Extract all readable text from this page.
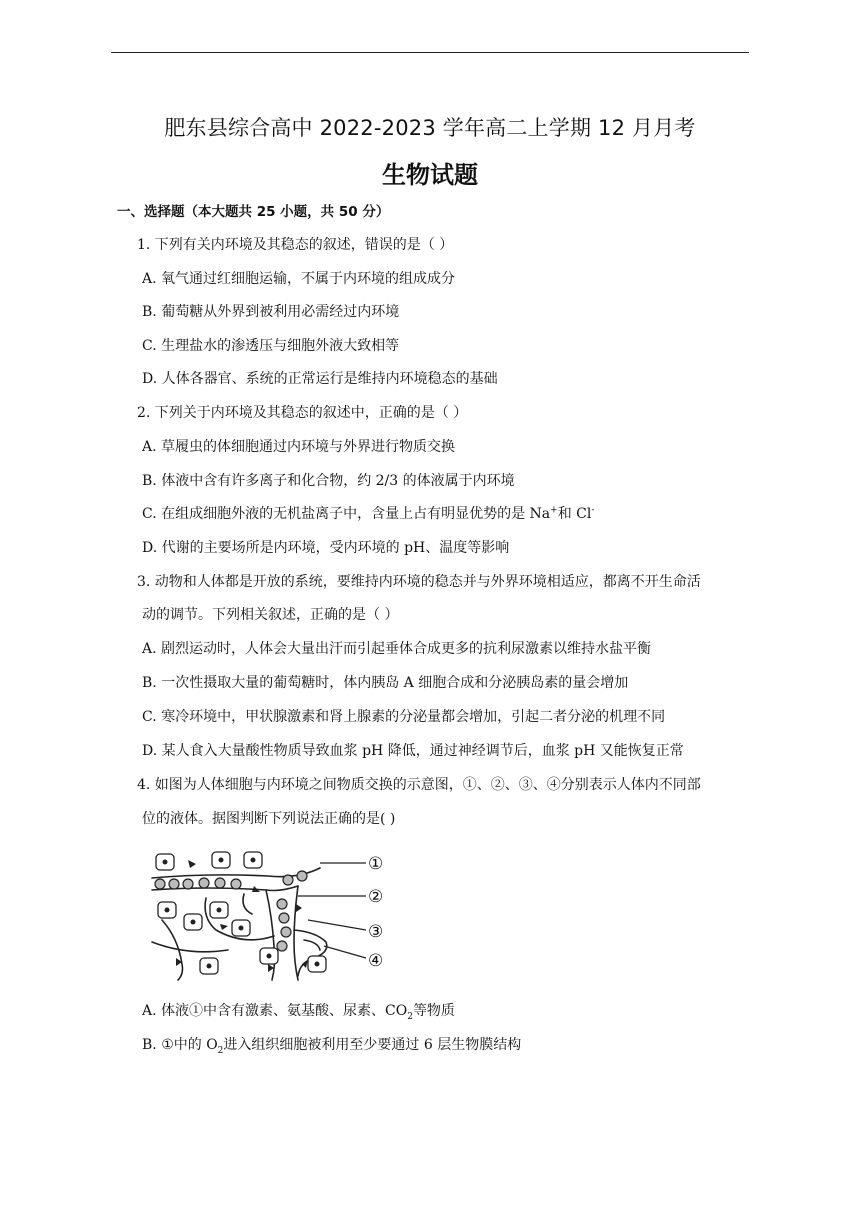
肥东县综合高中 2022-2023 学年高二上学期 12 月月考
生物试题
一、选择题（本大题共 25 小题，共 50 分）
1. 下列有关内环境及其稳态的叙述，错误的是（ ）
A. 氧气通过红细胞运输，不属于内环境的组成成分
B. 葡萄糖从外界到被利用必需经过内环境
C. 生理盐水的渗透压与细胞外液大致相等
D. 人体各器官、系统的正常运行是维持内环境稳态的基础
2. 下列关于内环境及其稳态的叙述中，正确的是（ ）
A. 草履虫的体细胞通过内环境与外界进行物质交换
B. 体液中含有许多离子和化合物，约 2/3 的体液属于内环境
C. 在组成细胞外液的无机盐离子中，含量上占有明显优势的是 Na+和 Cl-
D. 代谢的主要场所是内环境，受内环境的 pH、温度等影响
3. 动物和人体都是开放的系统，要维持内环境的稳态并与外界环境相适应，都离不开生命活
动的调节。下列相关叙述，正确的是（ ）
A. 剧烈运动时，人体会大量出汗而引起垂体合成更多的抗利尿激素以维持水盐平衡
B. 一次性摄取大量的葡萄糖时，体内胰岛 A 细胞合成和分泌胰岛素的量会增加
C. 寒冷环境中，甲状腺激素和肾上腺素的分泌量都会增加，引起二者分泌的机理不同
D. 某人食入大量酸性物质导致血浆 pH 降低，通过神经调节后，血浆 pH 又能恢复正常
4. 如图为人体细胞与内环境之间物质交换的示意图，①、②、③、④分别表示人体内不同部
位的液体。据图判断下列说法正确的是( )
①
②
③
④
A. 体液①中含有激素、氨基酸、尿素、$CO_2$等物质
B. ①中的 $O_2$进入组织细胞被利用至少要通过 6 层生物膜结构
